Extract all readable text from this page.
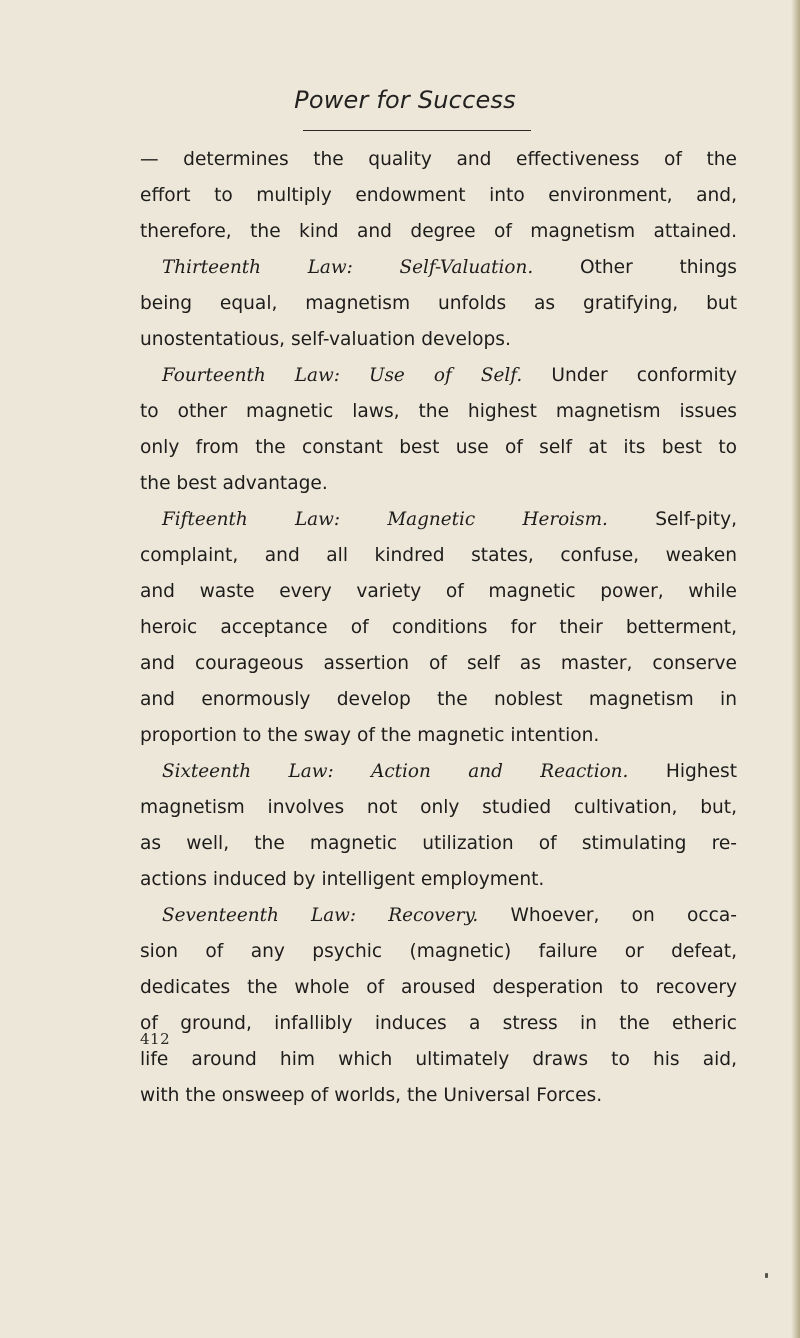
Power for Success
— determines the quality and effectiveness of the
effort to multiply endowment into environment, and,
therefore, the kind and degree of magnetism attained.
Thirteenth Law: Self-Valuation. Other things
being equal, magnetism unfolds as gratifying, but
unostentatious, self-valuation develops.
Fourteenth Law: Use of Self. Under conformity
to other magnetic laws, the highest magnetism issues
only from the constant best use of self at its best to
the best advantage.
Fifteenth Law: Magnetic Heroism. Self-pity,
complaint, and all kindred states, confuse, weaken
and waste every variety of magnetic power, while
heroic acceptance of conditions for their betterment,
and courageous assertion of self as master, conserve
and enormously develop the noblest magnetism in
proportion to the sway of the magnetic intention.
Sixteenth Law: Action and Reaction. Highest
magnetism involves not only studied cultivation, but,
as well, the magnetic utilization of stimulating re-
actions induced by intelligent employment.
Seventeenth Law: Recovery. Whoever, on occa-
sion of any psychic (magnetic) failure or defeat,
dedicates the whole of aroused desperation to recovery
of ground, infallibly induces a stress in the etheric
life around him which ultimately draws to his aid,
with the onsweep of worlds, the Universal Forces.
412
